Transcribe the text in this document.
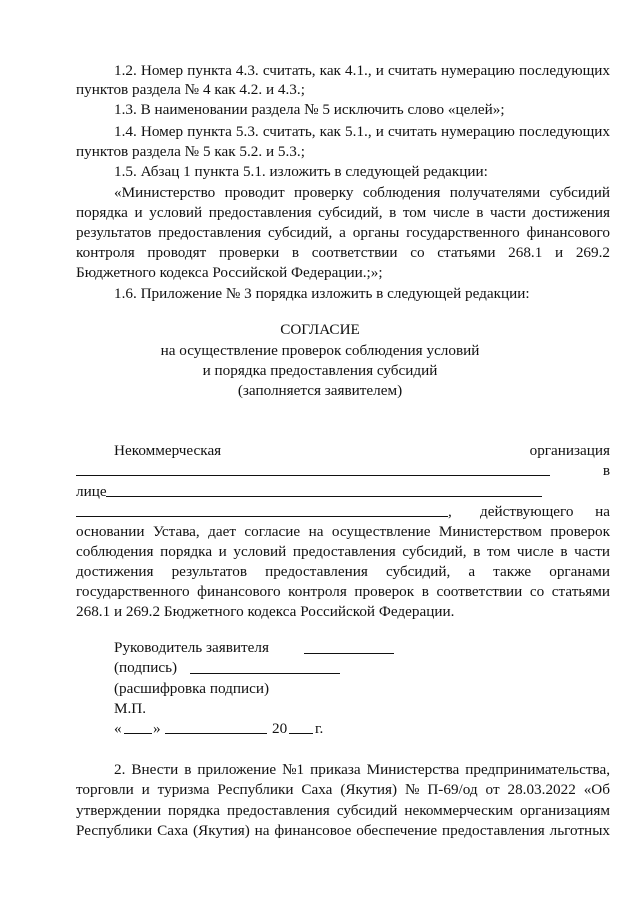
1.2. Номер пункта 4.3. считать, как 4.1., и считать нумерацию последующих
пунктов раздела № 4 как 4.2. и 4.3.;
1.3. В наименовании раздела № 5 исключить слово «целей»;
1.4. Номер пункта 5.3. считать, как 5.1., и считать нумерацию последующих
пунктов раздела № 5 как 5.2. и 5.3.;
1.5. Абзац 1 пункта 5.1. изложить в следующей редакции:
«Министерство проводит проверку соблюдения получателями субсидий
порядка и условий предоставления субсидий, в том числе в части достижения
результатов предоставления субсидий, а органы государственного финансового
контроля проводят проверки в соответствии со статьями 268.1 и 269.2
Бюджетного кодекса Российской Федерации.;»;
1.6. Приложение № 3 порядка изложить в следующей редакции:
СОГЛАСИЕ
на осуществление проверок соблюдения условий
и порядка предоставления субсидий
(заполняется заявителем)
Некоммерческая	организация
в
лице
, действующего на
основании Устава, дает согласие на осуществление Министерством проверок
соблюдения порядка и условий предоставления субсидий, в том числе в части
достижения результатов предоставления субсидий, а также органами
государственного финансового контроля проверок в соответствии со статьями
268.1 и 269.2 Бюджетного кодекса Российской Федерации.
Руководитель заявителя
(подпись)
(расшифровка подписи)
М.П.
« »	20 г.
2. Внести в приложение №1 приказа Министерства предпринимательства,
торговли и туризма Республики Саха (Якутия) № П-69/од от 28.03.2022 «Об
утверждении порядка предоставления субсидий некоммерческим организациям
Республики Саха (Якутия) на финансовое обеспечение предоставления льготных
